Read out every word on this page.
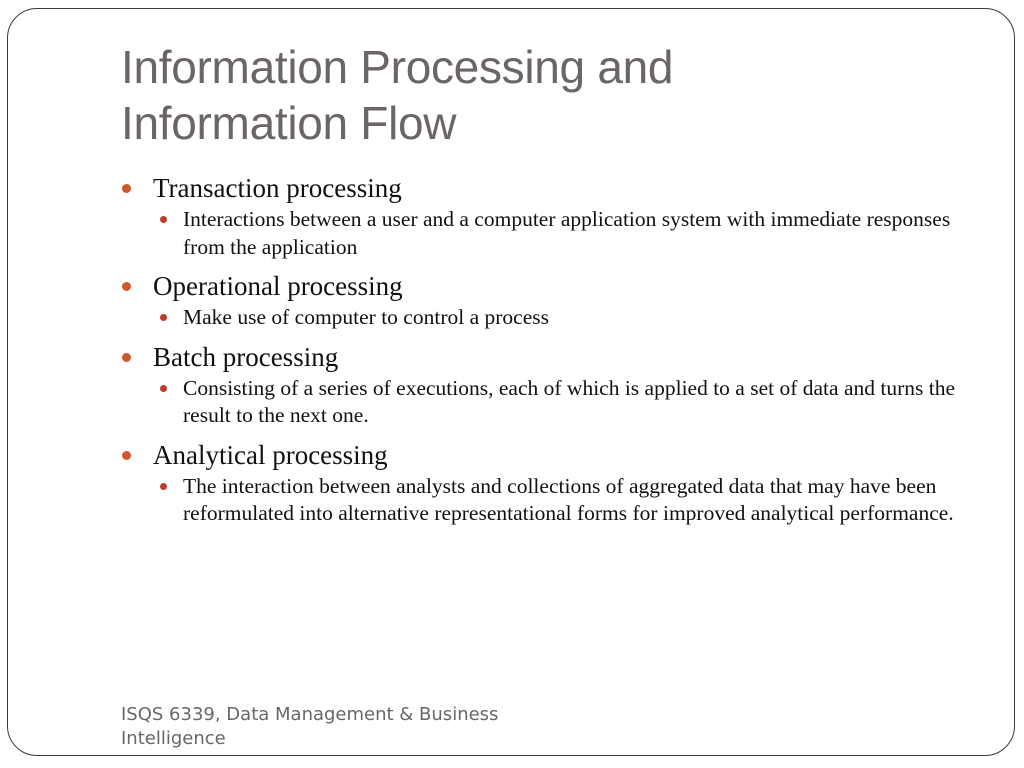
Information Processing and
Information Flow
Transaction processing
Interactions between a user and a computer application system with immediate responses from the application
Operational processing
Make use of computer to control a process
Batch processing
Consisting of a series of executions, each of which is applied to a set of data and turns the result to the next one.
Analytical processing
The interaction between analysts and collections of aggregated data that may have been reformulated into alternative representational forms for improved analytical performance.
ISQS 6339, Data Management & Business
Intelligence
